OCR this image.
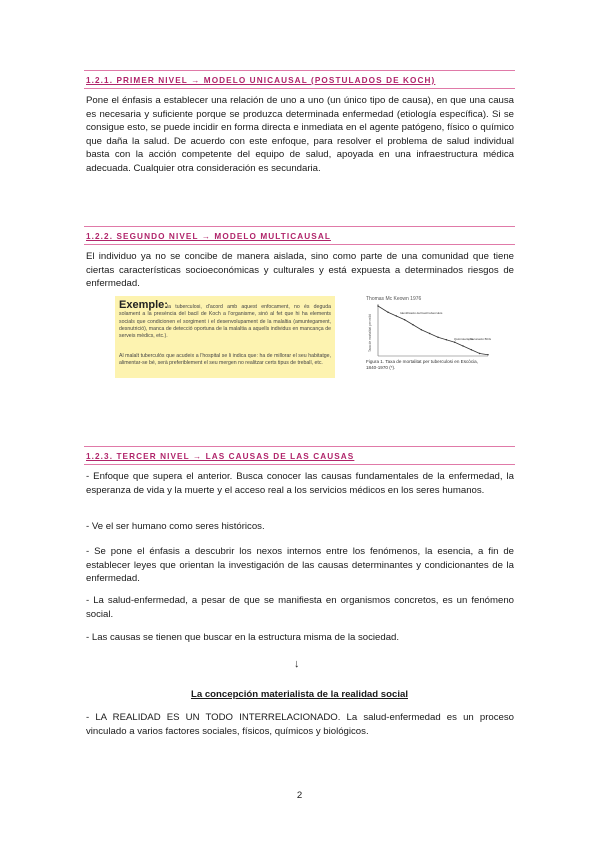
1.2.1. PRIMER NIVEL → MODELO UNICAUSAL (POSTULADOS DE KOCH)

Pone el énfasis a establecer una relación de uno a uno (un único tipo de causa), en que una causa es necesaria y suficiente porque se produzca determinada enfermedad (etiología específica). Si se consigue esto, se puede incidir en forma directa e inmediata en el agente patógeno, físico o químico que daña la salud. De acuerdo con este enfoque, para resolver el problema de salud individual basta con la acción competente del equipo de salud, apoyada en una infraestructura médica adecuada. Cualquier otra consideración es secundaria.

1.2.2. SEGUNDO NIVEL → MODELO MULTICAUSAL

El individuo ya no se concibe de manera aislada, sino como parte de una comunidad que tiene ciertas características socioeconómicas y culturales y está expuesta a determinados riesgos de enfermedad.

Exemple: la tuberculosi, d'acord amb aquest enfocament, no és deguda solament a la presència del bacil de Koch a l'organisme, sinó al fet que hi ha elements socials que condicionen el sorgiment i el desenvolupament de la malaltia (amuntegament, desnutrició), manca de detecció oportuna de la malaltia a aquells individus en mancança de serveis mèdics, etc.).

Al malalt tuberculós que acudeix a l'hospital se li indica que: ha de millorar el seu habitatge, alimentar-se bé, serà preferiblement el seu mergen no realitzar certs tipus de treball, etc.

Thomas Mc Keown 1976
Taxa de mortalitat per milió
Identificació del bacil tuberculós
Quimioteràpia
Vacunació BCG
Figura 1. Taxa de mortalitat per tuberculosi en Escòcia, 1840-1970 (*).
1.2.3. TERCER NIVEL → LAS CAUSAS DE LAS CAUSAS

- Enfoque que supera el anterior. Busca conocer las causas fundamentales de la enfermedad, la esperanza de vida y la muerte y el acceso real a los servicios médicos en los seres humanos.

- Ve el ser humano como seres históricos.

- Se pone el énfasis a descubrir los nexos internos entre los fenómenos, la esencia, a fin de establecer leyes que orientan la investigación de las causas determinantes y condicionantes de la enfermedad.

- La salud-enfermedad, a pesar de que se manifiesta en organismos concretos, es un fenómeno social.

- Las causas se tienen que buscar en la estructura misma de la sociedad.

↓
La concepción materialista de la realidad social

- LA REALIDAD ES UN TODO INTERRELACIONADO. La salud-enfermedad es un proceso vinculado a varios factores sociales, físicos, químicos y biológicos.

2
